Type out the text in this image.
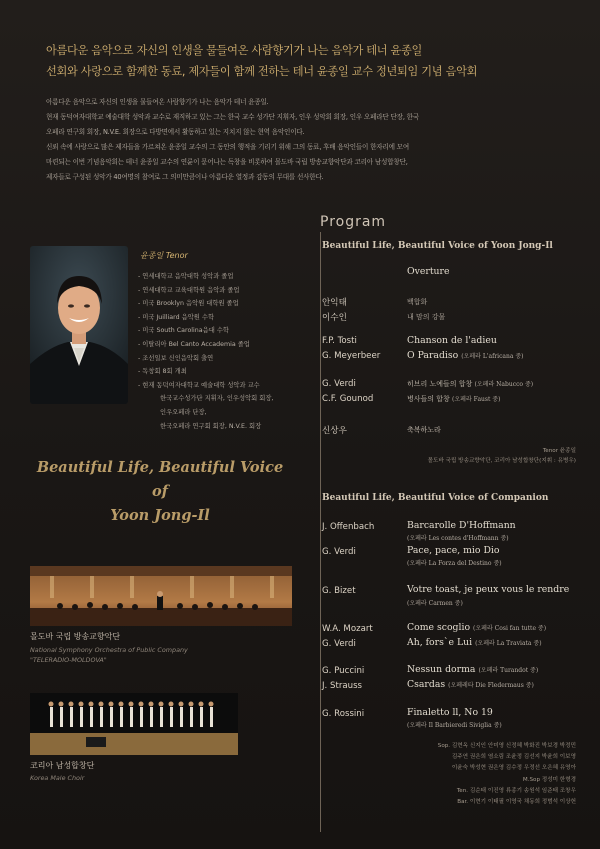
아름다운 음악으로 자신의 인생을 물들여온 사람향기가 나는 음악가 테너 윤종일
선회와 사랑으로 함께한 동료, 제자들이 함께 전하는 테너 윤종일 교수 정년퇴임 기념 음악회

아름다운 음악으로 자신의 인생을 물들여온 사람향기가 나는 음악가 테너 윤종일.

현재 동덕여자대학교 예술대학 성악과 교수로 재직하고 있는 그는 한국 교수 성가단 지휘자, 인우 성악회 회장, 인우 오페라단 단장, 한국

오페라 연구회 회장, N.V.E. 회장으로 다방면에서 활동하고 있는 지치지 않는 현역 음악인이다.

신뢰 속에 사랑으로 많은 제자들을 가르쳐온 윤종일 교수의 그 동안의 행적을 기리기 위해 그의 동료, 후배 음악인들이 한자리에 모여

마련되는 이번 기념음악회는 테너 윤종일 교수의 연륜이 묻어나는 독창을 비롯하여 몰도바 국립 방송교향악단과 코리아 남성합창단,

제자들로 구성된 성악가 40여명의 참여로 그 의미만큼이나 아름다운 열정과 감동의 무대를 선사한다.

Program
윤종일 Tenor
- 연세대학교 음악대학 성악과 졸업
- 연세대학교 교육대학원 음악과 졸업
- 미국 Brooklyn 음악원 대학원 졸업
- 미국 Juilliard 음악원 수학
- 미국 South Carolina음대 수학
- 이탈리아 Bel Canto Accademia 졸업
- 조선일보 신인음악회 출연
- 독창회 8회 개최
- 현재 동덕여자대학교 예술대학 성악과 교수
한국교수성가단 지휘자, 인우성악회 회장,
인우오페라 단장,
한국오페라 연구회 회장, N.V.E. 회장
Beautiful Life, Beautiful Voice
of
Yoon Jong-Il
몰도바 국립 방송교향악단
National Symphony Orchestra of Public Company
"TELERADIO-MOLDOVA"
코리아 남성합창단
Korea Male Choir
Beautiful Life, Beautiful Voice of Yoon Jong-Il
Overture
안익태	백합화
이수인	내 맘의 강물
F.P. Tosti	Chanson de l'adieu
G. Meyerbeer	O Paradiso (오페라 L'africana 중)
G. Verdi	히브리 노예들의 합창 (오페라 Nabucco 중)
C.F. Gounod	병사들의 합창 (오페라 Faust 중)
신상우	축복하노라
Tenor 윤종일
몰도바 국립 방송교향악단, 코리아 남성합창단(지휘 : 유병우)
Beautiful Life, Beautiful Voice of Companion
J. Offenbach	Barcarolle D'Hoffmann
(오페라 Les contes d'Hoffmann 중)
G. Verdi	Pace, pace, mio Dio
(오페라 La Forza del Destino 중)
G. Bizet	Votre toast, je peux vous le rendre
(오페라 Carmen 중)
W.A. Mozart	Come scoglio (오페라 Cosi fan tutte 중)
G. Verdi	Ah, fors`e Lui (오페라 La Traviata 중)
G. Puccini	Nessun dorma (오페라 Turandot 중)
J. Strauss	Csardas (오페레타 Die Fledermaus 중)
G. Rossini	Finaletto ll, No 19
(오페라 Il Barbieredi Siviglia 중)
Sop. 김현옥 신지인 안미영 신정혜 박화진 박보경 박정민
김주연 권은희 염소림 조윤정 김선지 박윤희 이보영
이윤숙 박성현 권은영 김수정 우정선 오은혜 유영아
M.Sop 정성미 한형경
Ten. 김순태 이진영 류종기 송원석 임준태 조창우
Bar. 이현기 이태필 이영국 채동희 정범석 이상헌
